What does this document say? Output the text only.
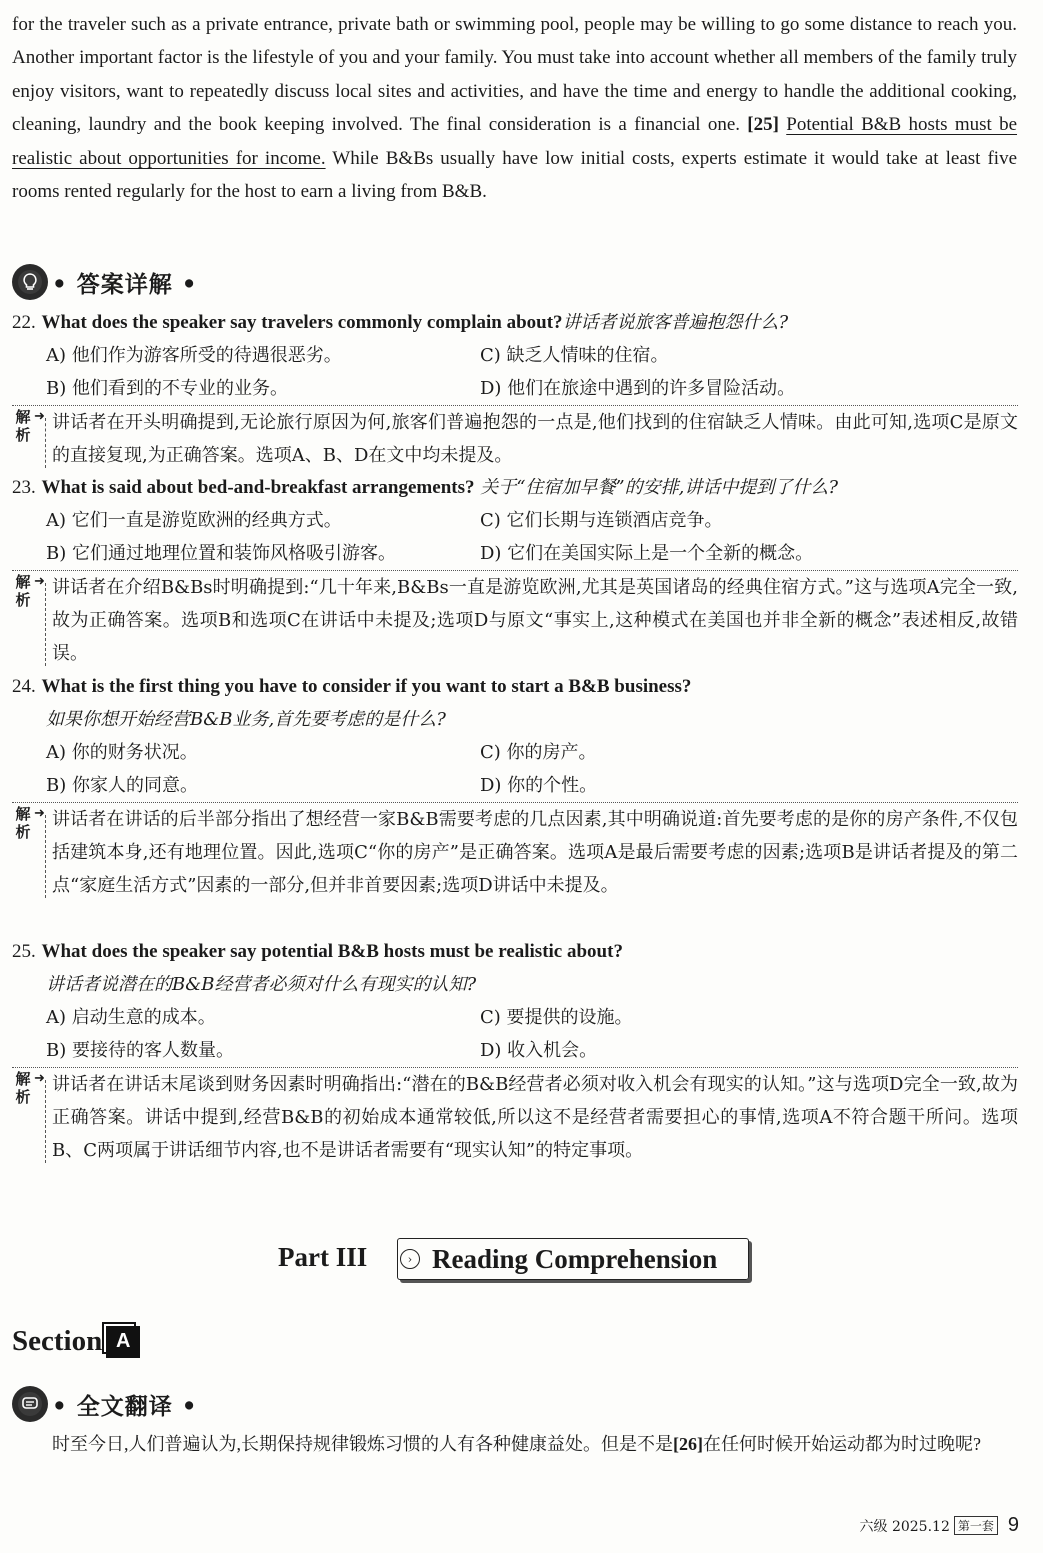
for the traveler such as a private entrance, private bath or swimming pool, people may be willing to go some distance to reach you. Another important factor is the lifestyle of you and your family. You must take into account whether all members of the family truly enjoy visitors, want to repeatedly discuss local sites and activities, and have the time and energy to handle the additional cooking, cleaning, laundry and the book keeping involved. The final consideration is a financial one. [25] Potential B&B hosts must be realistic about opportunities for income. While B&Bs usually have low initial costs, experts estimate it would take at least five rooms rented regularly for the host to earn a living from B&B.

• 答案详解 •
22. What does the speaker say travelers commonly complain about?讲话者说旅客普遍抱怨什么?
A) 他们作为游客所受的待遇很恶劣。	C) 缺乏人情味的住宿。
B) 他们看到的不专业的业务。	D) 他们在旅途中遇到的许多冒险活动。
解析
➜ 讲话者在开头明确提到,无论旅行原因为何,旅客们普遍抱怨的一点是,他们找到的住宿缺乏人情味。由此可知,选项C是原文的直接复现,为正确答案。选项A、B、D在文中均未提及。
23. What is said about bed-and-breakfast arrangements? 关于“住宿加早餐”的安排,讲话中提到了什么?
A) 它们一直是游览欧洲的经典方式。	C) 它们长期与连锁酒店竞争。
B) 它们通过地理位置和装饰风格吸引游客。	D) 它们在美国实际上是一个全新的概念。
解析
➜ 讲话者在介绍B&Bs时明确提到:“几十年来,B&Bs一直是游览欧洲,尤其是英国诸岛的经典住宿方式。”这与选项A完全一致,故为正确答案。选项B和选项C在讲话中未提及;选项D与原文“事实上,这种模式在美国也并非全新的概念”表述相反,故错误。
24. What is the first thing you have to consider if you want to start a B&B business?
如果你想开始经营B&B业务,首先要考虑的是什么?
A) 你的财务状况。	C) 你的房产。
B) 你家人的同意。	D) 你的个性。
解析
➜ 讲话者在讲话的后半部分指出了想经营一家B&B需要考虑的几点因素,其中明确说道:首先要考虑的是你的房产条件,不仅包括建筑本身,还有地理位置。因此,选项C“你的房产”是正确答案。选项A是最后需要考虑的因素;选项B是讲话者提及的第二点“家庭生活方式”因素的一部分,但并非首要因素;选项D讲话中未提及。
25. What does the speaker say potential B&B hosts must be realistic about?
讲话者说潜在的B&B经营者必须对什么有现实的认知?
A) 启动生意的成本。	C) 要提供的设施。
B) 要接待的客人数量。	D) 收入机会。
解析
➜ 讲话者在讲话末尾谈到财务因素时明确指出:“潜在的B&B经营者必须对收入机会有现实的认知。”这与选项D完全一致,故为正确答案。讲话中提到,经营B&B的初始成本通常较低,所以这不是经营者需要担心的事情,选项A不符合题干所问。选项B、C两项属于讲话细节内容,也不是讲话者需要有“现实认知”的特定事项。
Part III	› Reading Comprehension
Section A
• 全文翻译 •

时至今日,人们普遍认为,长期保持规律锻炼习惯的人有各种健康益处。但是不是[26]在任何时候开始运动都为时过晚呢?

六级 2025.12 第一套 9
